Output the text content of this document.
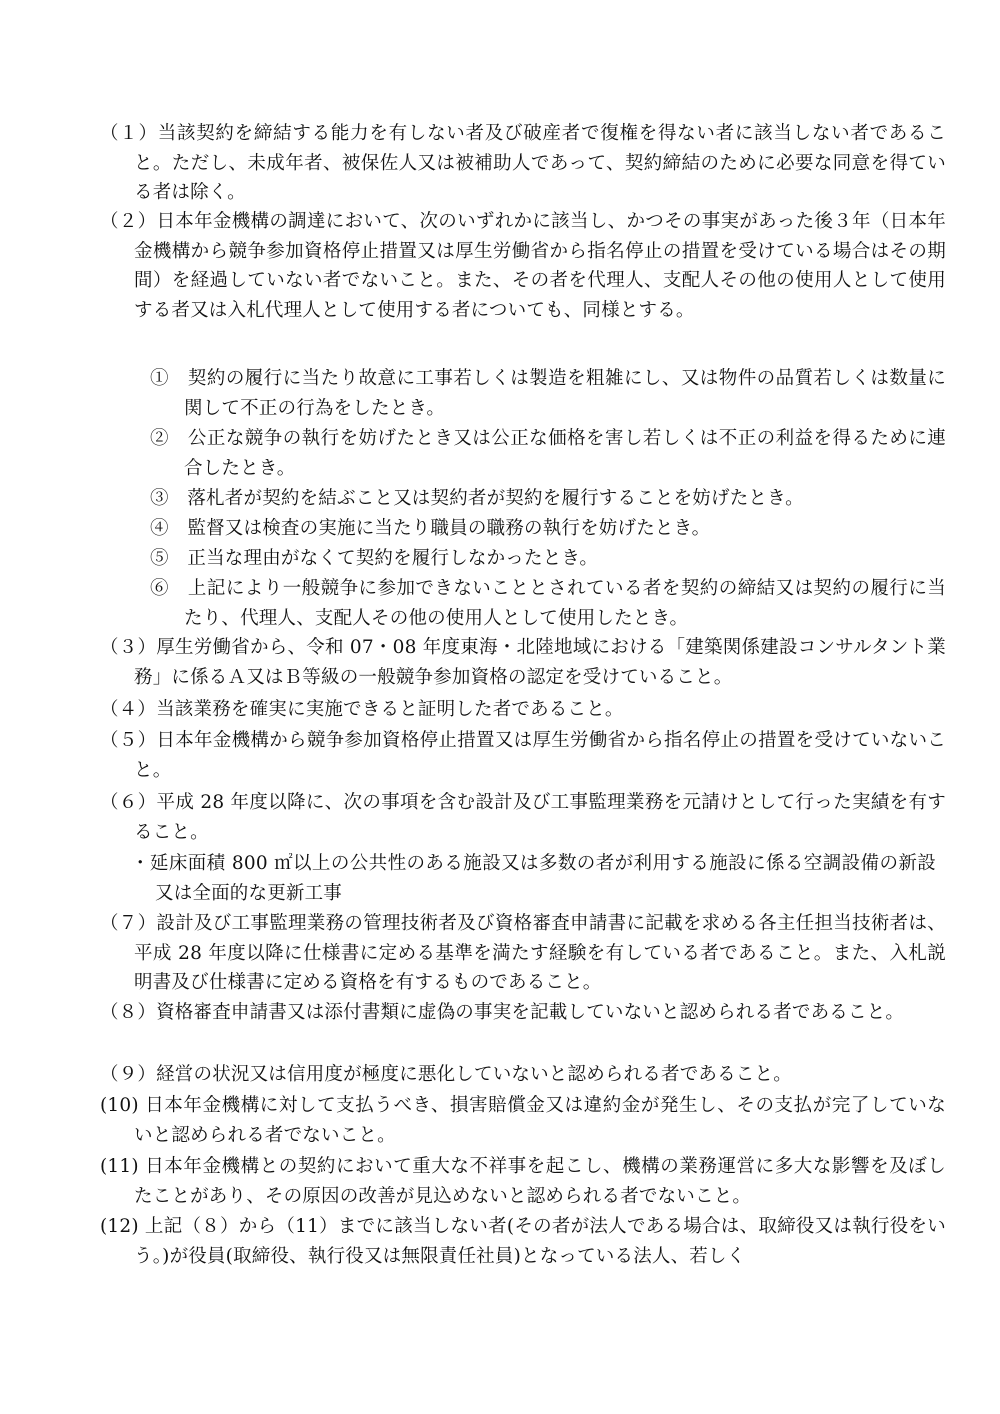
（１）当該契約を締結する能力を有しない者及び破産者で復権を得ない者に該当しない者であること。ただし、未成年者、被保佐人又は被補助人であって、契約締結のために必要な同意を得ている者は除く。
（２）日本年金機構の調達において、次のいずれかに該当し、かつその事実があった後３年（日本年金機構から競争参加資格停止措置又は厚生労働省から指名停止の措置を受けている場合はその期間）を経過していない者でないこと。また、その者を代理人、支配人その他の使用人として使用する者又は入札代理人として使用する者についても、同様とする。
①　契約の履行に当たり故意に工事若しくは製造を粗雑にし、又は物件の品質若しくは数量に関して不正の行為をしたとき。
②　公正な競争の執行を妨げたとき又は公正な価格を害し若しくは不正の利益を得るために連合したとき。
③　落札者が契約を結ぶこと又は契約者が契約を履行することを妨げたとき。
④　監督又は検査の実施に当たり職員の職務の執行を妨げたとき。
⑤　正当な理由がなくて契約を履行しなかったとき。
⑥　上記により一般競争に参加できないこととされている者を契約の締結又は契約の履行に当たり、代理人、支配人その他の使用人として使用したとき。
（３）厚生労働省から、令和 07・08 年度東海・北陸地域における「建築関係建設コンサルタント業務」に係るＡ又はＢ等級の一般競争参加資格の認定を受けていること。
（４）当該業務を確実に実施できると証明した者であること。
（５）日本年金機構から競争参加資格停止措置又は厚生労働省から指名停止の措置を受けていないこと。
（６）平成 28 年度以降に、次の事項を含む設計及び工事監理業務を元請けとして行った実績を有すること。
・延床面積 800 ㎡以上の公共性のある施設又は多数の者が利用する施設に係る空調設備の新設又は全面的な更新工事
（７）設計及び工事監理業務の管理技術者及び資格審査申請書に記載を求める各主任担当技術者は、平成 28 年度以降に仕様書に定める基準を満たす経験を有している者であること。また、入札説明書及び仕様書に定める資格を有するものであること。
（８）資格審査申請書又は添付書類に虚偽の事実を記載していないと認められる者であること。
（９）経営の状況又は信用度が極度に悪化していないと認められる者であること。
(10) 日本年金機構に対して支払うべき、損害賠償金又は違約金が発生し、その支払が完了していないと認められる者でないこと。
(11) 日本年金機構との契約において重大な不祥事を起こし、機構の業務運営に多大な影響を及ぼしたことがあり、その原因の改善が見込めないと認められる者でないこと。
(12) 上記（８）から（11）までに該当しない者(その者が法人である場合は、取締役又は執行役をいう。)が役員(取締役、執行役又は無限責任社員)となっている法人、若しく
